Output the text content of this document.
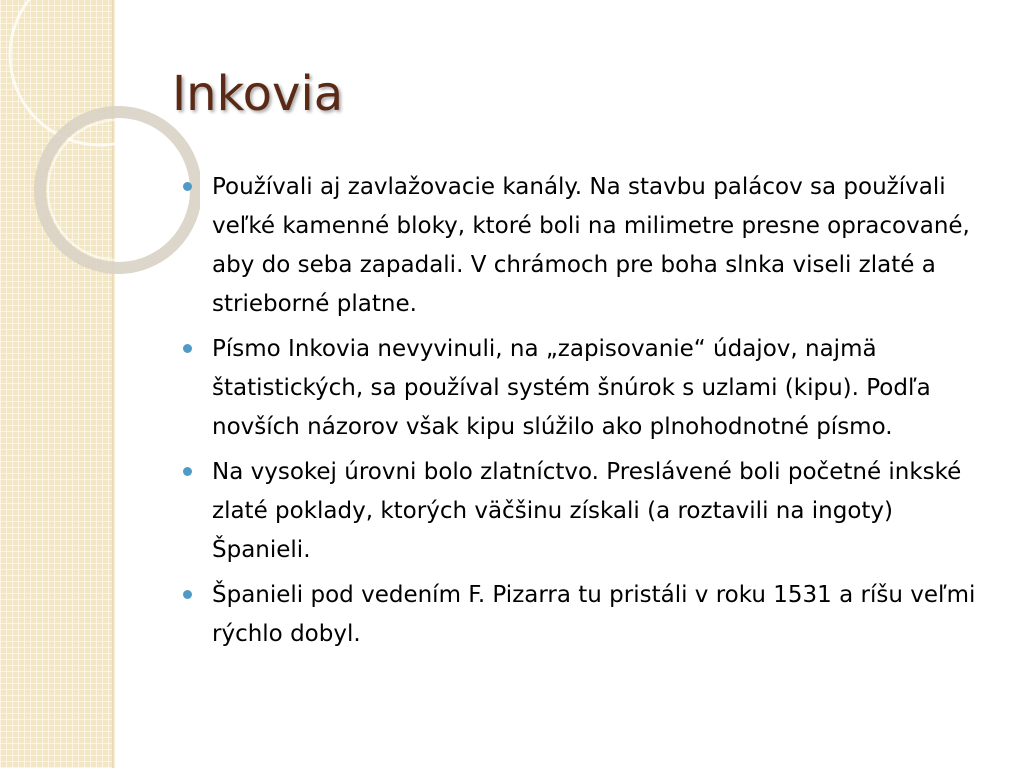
Inkovia
Používali aj zavlažovacie kanály. Na stavbu palácov sa používali veľké kamenné bloky, ktoré boli na milimetre presne opracované, aby do seba zapadali. V chrámoch pre boha slnka viseli zlaté a strieborné platne.
Písmo Inkovia nevyvinuli, na „zapisovanie“ údajov, najmä štatistických, sa používal systém šnúrok s uzlami (kipu). Podľa novších názorov však kipu slúžilo ako plnohodnotné písmo.
Na vysokej úrovni bolo zlatníctvo. Preslávené boli početné inkské zlaté poklady, ktorých väčšinu získali (a roztavili na ingoty) Španieli.
Španieli pod vedením F. Pizarra tu pristáli v roku 1531 a ríšu veľmi rýchlo dobyl.
